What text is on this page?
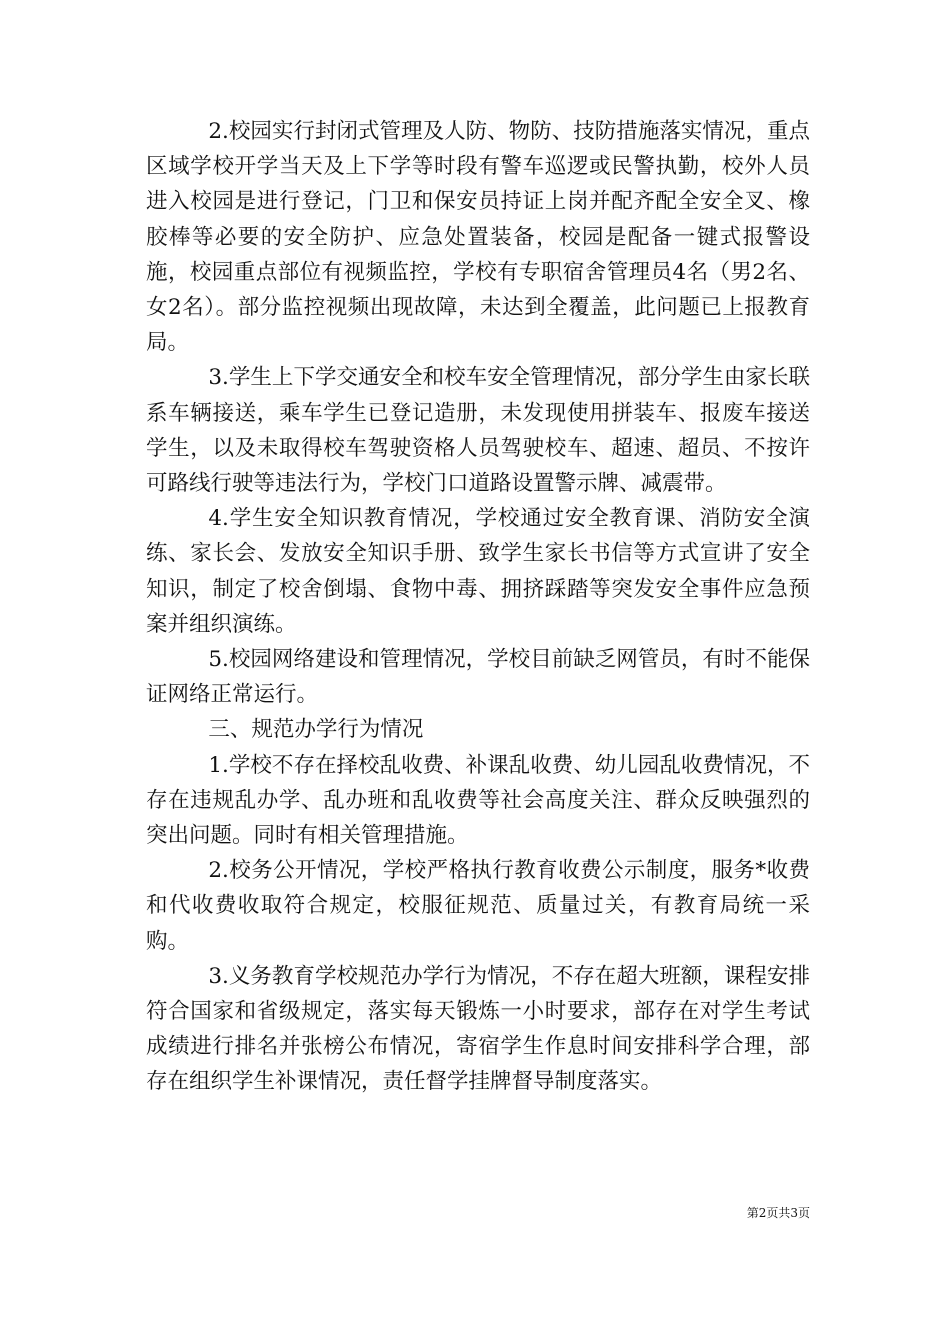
2.校园实行封闭式管理及人防、物防、技防措施落实情况，重点区域学校开学当天及上下学等时段有警车巡逻或民警执勤，校外人员进入校园是进行登记，门卫和保安员持证上岗并配齐配全安全叉、橡胶棒等必要的安全防护、应急处置装备，校园是配备一键式报警设施，校园重点部位有视频监控，学校有专职宿舍管理员4名（男2名、女2名）。部分监控视频出现故障，未达到全覆盖，此问题已上报教育局。

3.学生上下学交通安全和校车安全管理情况，部分学生由家长联系车辆接送，乘车学生已登记造册，未发现使用拼装车、报废车接送学生，以及未取得校车驾驶资格人员驾驶校车、超速、超员、不按许可路线行驶等违法行为，学校门口道路设置警示牌、减震带。

4.学生安全知识教育情况，学校通过安全教育课、消防安全演练、家长会、发放安全知识手册、致学生家长书信等方式宣讲了安全知识，制定了校舍倒塌、食物中毒、拥挤踩踏等突发安全事件应急预案并组织演练。

5.校园网络建设和管理情况，学校目前缺乏网管员，有时不能保证网络正常运行。

三、规范办学行为情况

1.学校不存在择校乱收费、补课乱收费、幼儿园乱收费情况，不存在违规乱办学、乱办班和乱收费等社会高度关注、群众反映强烈的突出问题。同时有相关管理措施。

2.校务公开情况，学校严格执行教育收费公示制度，服务*收费和代收费收取符合规定，校服征规范、质量过关，有教育局统一采购。

3.义务教育学校规范办学行为情况，不存在超大班额，课程安排符合国家和省级规定，落实每天锻炼一小时要求，部存在对学生考试成绩进行排名并张榜公布情况，寄宿学生作息时间安排科学合理，部存在组织学生补课情况，责任督学挂牌督导制度落实。

第2页共3页
